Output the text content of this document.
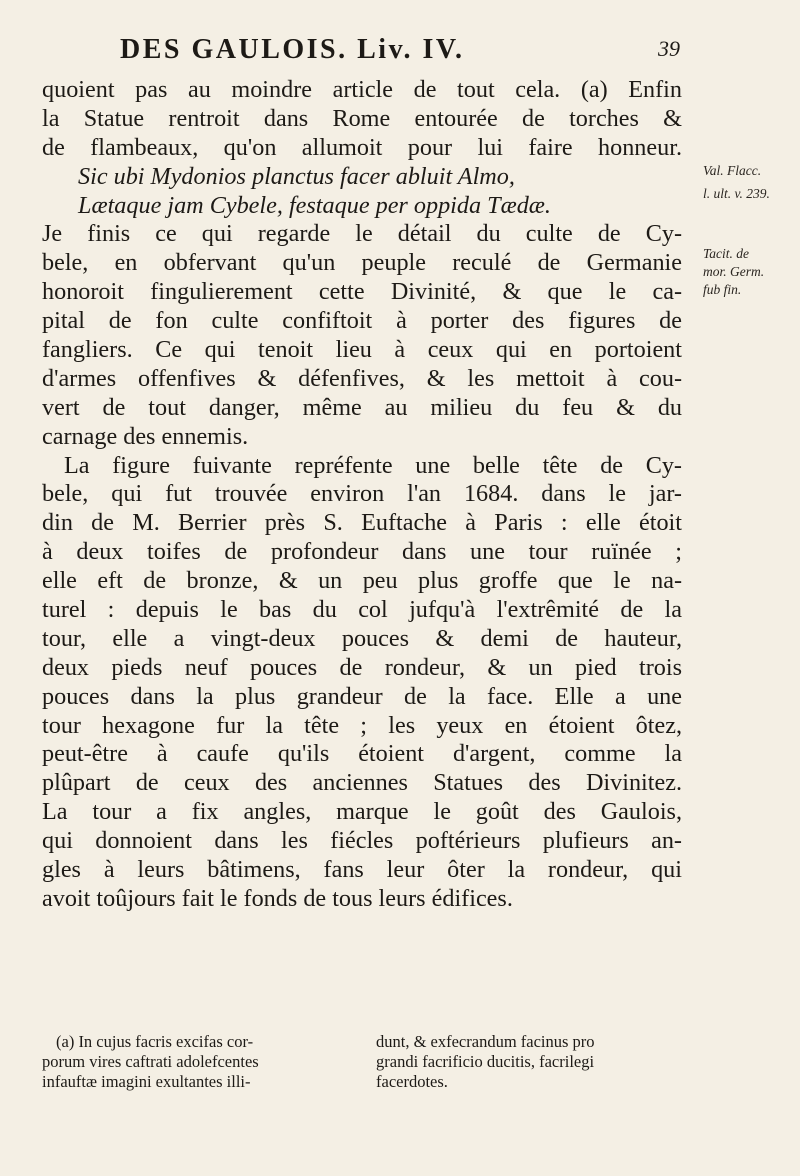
DES GAULOIS. Liv. IV.	39
quoient pas au moindre article de tout cela. (a) Enfin
la Statue rentroit dans Rome entourée de torches &
de flambeaux, qu'on allumoit pour lui faire honneur.
Sic ubi Mydonios planctus facer abluit Almo,
Lætaque jam Cybele, festaque per oppida Tædæ.
Je finis ce qui regarde le détail du culte de Cy-
bele, en obfervant qu'un peuple reculé de Germanie
honoroit fingulierement cette Divinité, & que le ca-
pital de fon culte confiftoit à porter des figures de
fangliers. Ce qui tenoit lieu à ceux qui en portoient
d'armes offenfives & défenfives, & les mettoit à cou-
vert de tout danger, même au milieu du feu & du
carnage des ennemis.
La figure fuivante repréfente une belle tête de Cy-
bele, qui fut trouvée environ l'an 1684. dans le jar-
din de M. Berrier près S. Euftache à Paris : elle étoit
à deux toifes de profondeur dans une tour ruïnée ;
elle eft de bronze, & un peu plus groffe que le na-
turel : depuis le bas du col jufqu'à l'extrêmité de la
tour, elle a vingt-deux pouces & demi de hauteur,
deux pieds neuf pouces de rondeur, & un pied trois
pouces dans la plus grandeur de la face. Elle a une
tour hexagone fur la tête ; les yeux en étoient ôtez,
peut-être à caufe qu'ils étoient d'argent, comme la
plûpart de ceux des anciennes Statues des Divinitez.
La tour a fix angles, marque le goût des Gaulois,
qui donnoient dans les fiécles poftérieurs plufieurs an-
gles à leurs bâtimens, fans leur ôter la rondeur, qui
avoit toûjours fait le fonds de tous leurs édifices.
Val. Flacc.
l. ult. v. 239.
Tacit. de
mor. Germ.
fub fin.
(a) In cujus facris excifas cor-
porum vires caftrati adolefcentes
infauftæ imagini exultantes illi-
dunt, & exfecrandum facinus pro
grandi facrificio ducitis, facrilegi
facerdotes.
